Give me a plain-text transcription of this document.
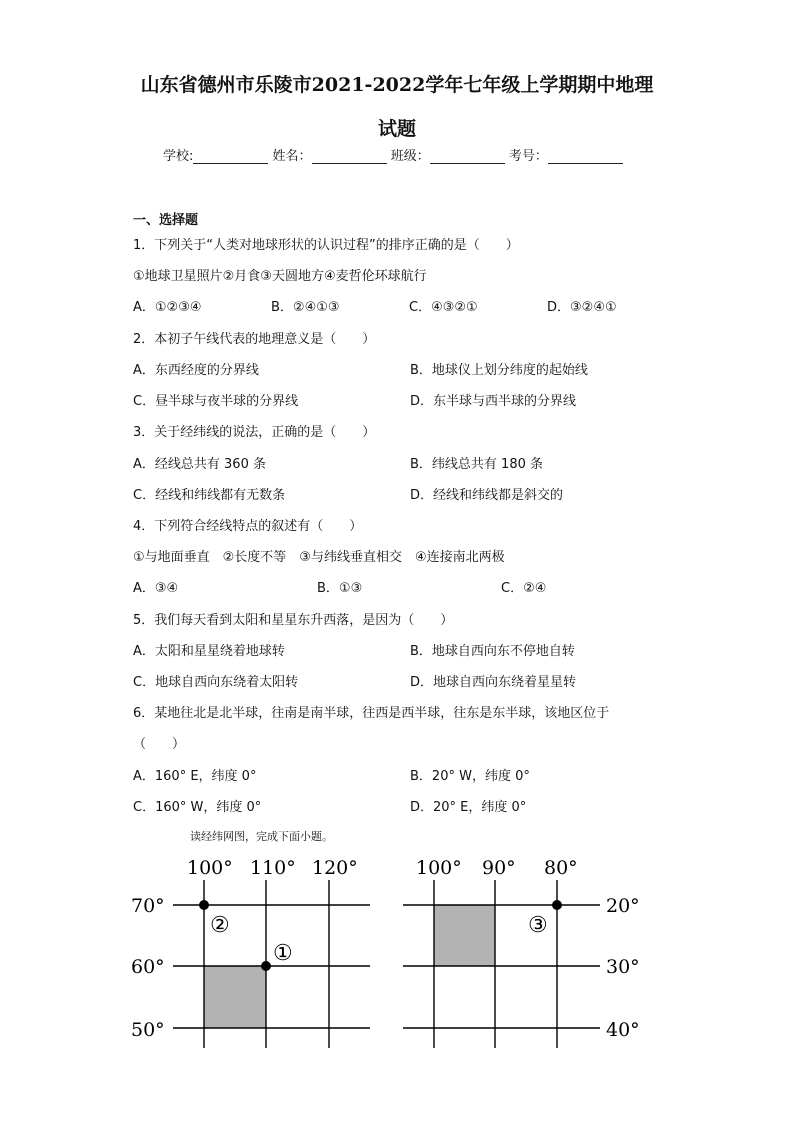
山东省德州市乐陵市2021-2022学年七年级上学期期中地理
试题
学校:	姓名：	班级：	考号：
一、选择题
1．下列关于“人类对地球形状的认识过程”的排序正确的是（　　）
①地球卫星照片②月食③天圆地方④麦哲伦环球航行
A．①②③④	B．②④①③	C．④③②①	D．③②④①
2．本初子午线代表的地理意义是（　　）
A．东西经度的分界线	B．地球仪上划分纬度的起始线
C．昼半球与夜半球的分界线	D．东半球与西半球的分界线
3．关于经纬线的说法，正确的是（　　）
A．经线总共有 360 条	B．纬线总共有 180 条
C．经线和纬线都有无数条	D．经线和纬线都是斜交的
4．下列符合经线特点的叙述有（　　）
①与地面垂直　②长度不等　③与纬线垂直相交　④连接南北两极
A．③④	B．①③	C．②④
5．我们每天看到太阳和星星东升西落，是因为（　　）
A．太阳和星星绕着地球转	B．地球自西向东不停地自转
C．地球自西向东绕着太阳转	D．地球自西向东绕着星星转
6．某地往北是北半球，往南是南半球，往西是西半球，往东是东半球，该地区位于
（　　）
A．160° E，纬度 0°	B．20° W，纬度 0°
C．160° W，纬度 0°	D．20° E，纬度 0°
读经纬网图，完成下面小题。
100° 110° 120°
70°
60°
50°
②
①
100° 90° 80°
20°
30°
40°
③
